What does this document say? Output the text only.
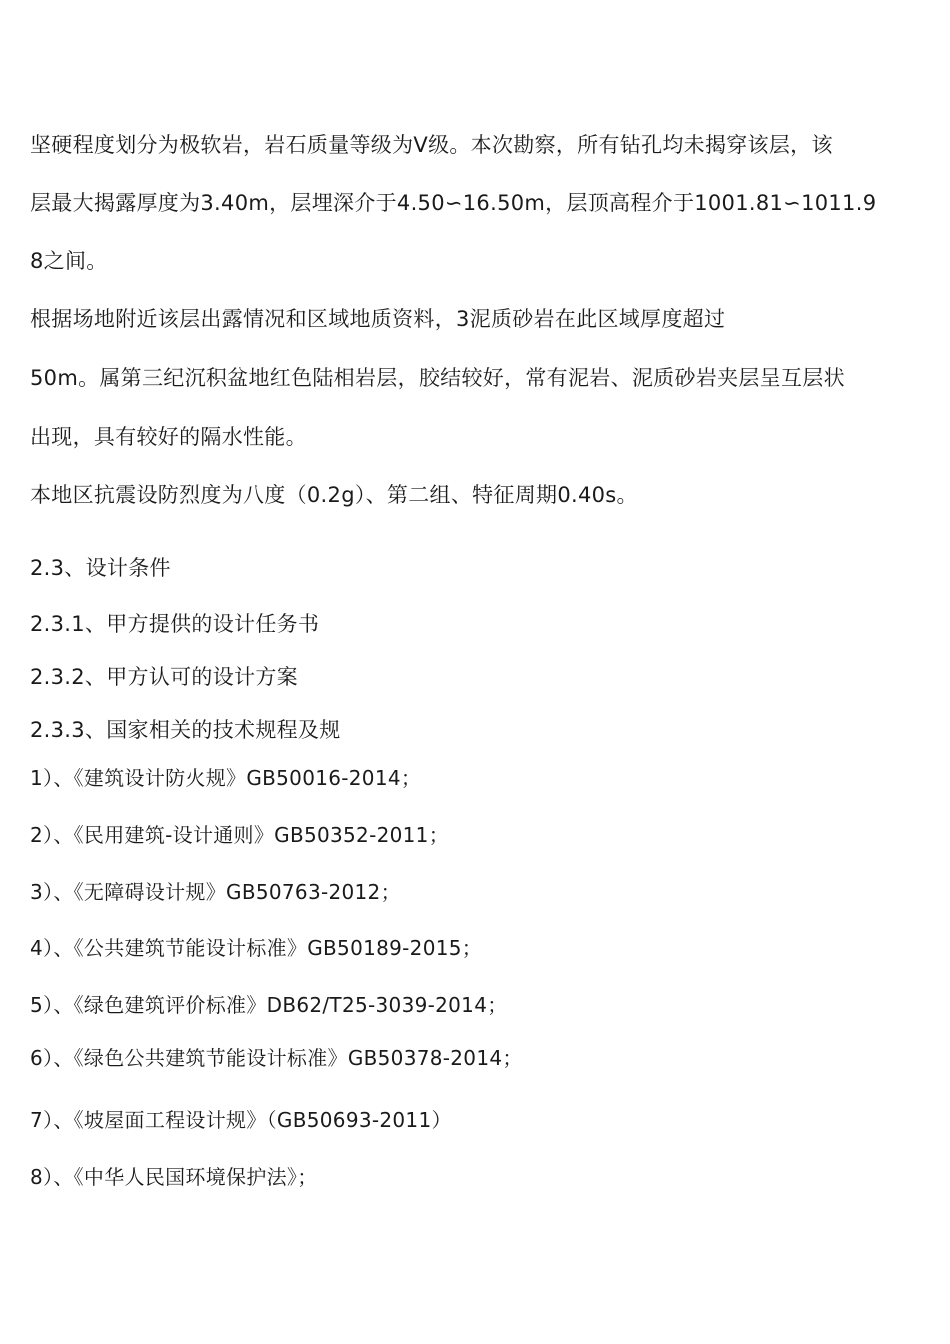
坚硬程度划分为极软岩，岩石质量等级为Ⅴ级。本次勘察，所有钻孔均未揭穿该层，该
层最大揭露厚度为3.40m，层埋深介于4.50∽16.50m，层顶高程介于1001.81∽1011.9
8之间。
根据场地附近该层出露情况和区域地质资料，3泥质砂岩在此区域厚度超过
50m。属第三纪沉积盆地红色陆相岩层，胶结较好，常有泥岩、泥质砂岩夹层呈互层状
出现，具有较好的隔水性能。
本地区抗震设防烈度为八度（0.2g）、第二组、特征周期0.40s。
2.3、设计条件
2.3.1、甲方提供的设计任务书
2.3.2、甲方认可的设计方案
2.3.3、国家相关的技术规程及规
1）、《建筑设计防火规》GB50016-2014；
2）、《民用建筑-设计通则》GB50352-2011；
3）、《无障碍设计规》GB50763-2012；
4）、《公共建筑节能设计标准》GB50189-2015；
5）、《绿色建筑评价标准》DB62/T25-3039-2014；
6）、《绿色公共建筑节能设计标准》GB50378-2014；
7）、《坡屋面工程设计规》（GB50693-2011）
8）、《中华人民国环境保护法》；
